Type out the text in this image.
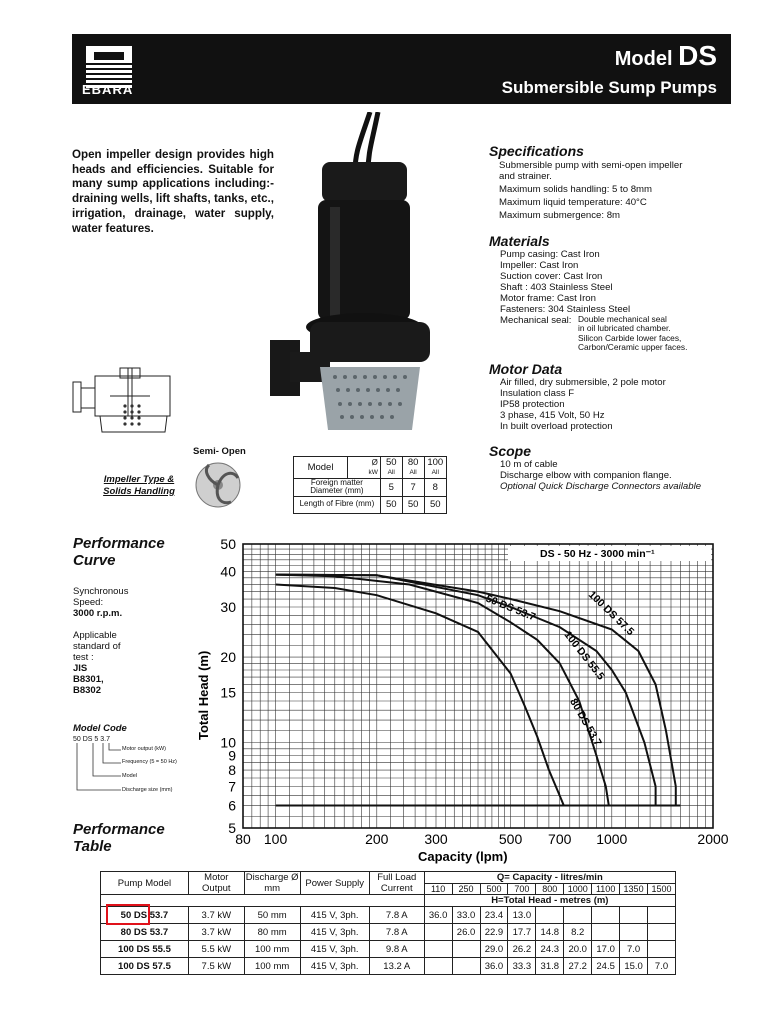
EBARA
Model DS
Submersible Sump Pumps
Open impeller design provides high heads and efficiencies. Suitable for many sump applications including:- draining wells, lift shafts, tanks, etc., irrigation, drainage, water supply, water features.
Semi- Open
Impeller Type & Solids Handling
Model	Ø	50	80	100
	kW	All	All	All
Foreign matter Diameter (mm)		5	7	8
Length of Fibre (mm)		50	50	50
Specifications
Submersible pump with semi-open impeller
and strainer.
Maximum solids handling: 5 to 8mm
Maximum liquid temperature: 40°C
Maximum submergence: 8m
Materials
Pump casing: Cast Iron
Impeller: Cast Iron
Suction cover: Cast Iron
Shaft : 403 Stainless Steel
Motor frame: Cast Iron
Fasteners: 304 Stainless Steel
Mechanical seal: Double mechanical seal
in oil lubricated chamber.
Silicon Carbide lower faces,
Carbon/Ceramic upper faces.
Motor Data
Air filled, dry submersible, 2 pole motor
Insulation class F
IP58 protection
3 phase, 415 Volt, 50 Hz
In built overload protection
Scope
10 m of cable
Discharge elbow with companion flange.
Optional Quick Discharge Connectors available
Performance Curve
Synchronous Speed:
3000 r.p.m.
Applicable standard of test :
JIS B8301, B8302
Model Code
50 DS 5 3.7
Motor output (kW)
Frequency (5 = 50 Hz)
Model
Discharge size (mm)
5
6
7
8
9
10
15
20
30
40
50
80 100	200	300	500 700 1000	2000
50 DS 53.7
80 DS 53.7
100 DS 55.5
100 DS 57.5
DS - 50 Hz - 3000 min⁻¹
Capacity (lpm)
Total Head (m)
Performance Table
Pump Model	Motor Output	Discharge Ø mm	Power Supply	Full Load Current	Q= Capacity - litres/min								
					110	250	500	700	800	1000	1100	1350	1500
					H=Total Head - metres (m)								
50 DS 53.7	3.7 kW	50 mm	415 V, 3ph.	7.8 A	36.0	33.0	23.4	13.0					
80 DS 53.7	3.7 kW	80 mm	415 V, 3ph.	7.8 A		26.0	22.9	17.7	14.8	8.2			
100 DS 55.5	5.5 kW	100 mm	415 V, 3ph.	9.8 A			29.0	26.2	24.3	20.0	17.0	7.0	
100 DS 57.5	7.5 kW	100 mm	415 V, 3ph.	13.2 A			36.0	33.3	31.8	27.2	24.5	15.0	7.0
